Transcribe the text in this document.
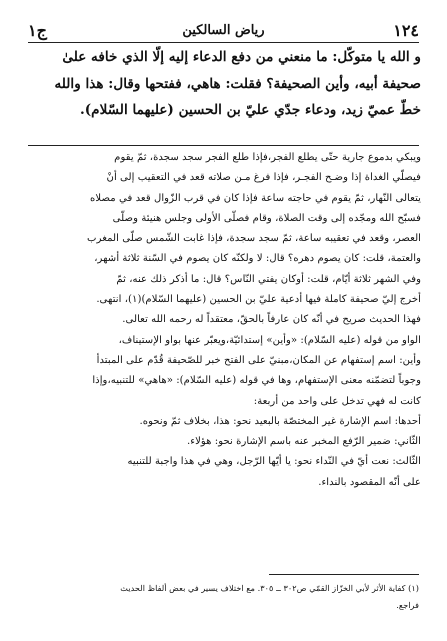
١٢٤
رياض السالكين
ج١

و الله يا متوكّل: ما منعني من دفع الدعاء إليه إلّا الذي خافه علىٰ

صحيفة أبيه، وأين الصحيفة؟ فقلت: هاهي، ففتحها وقال: هذا والله

خطّ عميّ زيد، ودعاء جدّي عليّ بن الحسين (عليهما السّلام).

ويبكي بدموع جارية حتّى يطلع الفجر،فإذا طلع الفجر سجد سجدة، ثمّ يقوم

فيصلّي الغداة إذا وضـح الفجـر، فإذا فرغ مـن صلاته قعد في التعقيب إلى أنْ

يتعالى النّهار، ثمّ يقوم في حاجته ساعة فإذا كان في قرب الزّوال قعد في مصلاه

فسبّح الله ومجّده إلى وقت الصلاة، وقام فصلّى الأولى وجلس هنيئة وصلّى

العصر، وقعد في تعقيبه ساعة، ثمّ سجد سجدة، فإذا غابت الشّمس صلّى المغرب

والعتمة، قلت: كان يصوم دهره؟ قال: لا ولكنّه كان يصوم في السّنة ثلاثة أشهر،

وفي الشهر ثلاثة أيّام، قلت: أوكان يفتي النّاس؟ قال: ما أذكر ذلك عنه، ثمّ

أخرج إليّ صحيفة كاملة فيها أدعية عليّ بن الحسين (عليهما السّلام)(١)، انتهى.

فهذا الحديث صريح في أنّه كان عارفاً بالحقّ، معتقداً له رحمه الله تعالى.

الواو من قوله (عليه السّلام): «وأين» إستدائيّة،ويعبّر عنها بواو الإستيناف،

وأين: اسم إستفهام عن المكان،مبنيّ على الفتح خبر للصّحيفة قُدّم على المبتدأ

وجوباً لتضمّنه معنى الإستفهام، وها في قوله (عليه السّلام): «هاهي» للتنبيه،وإذا

كانت له فهي تدخل على واحد من أربعة:

أحدها: اسم الإشارة غير المختصّة بالبعيد نحو: هذا، بخلاف ثمّ ونحوه.

الثّاني: ضمير الرّفع المخبر عنه باسم الإشارة نحو: هؤلاء.

الثّالث: نعت أيّ في النّداء نحو: يا أيّها الرّجل، وهي في هذا واجبة للتنبيه

على أنّه المقصود بالنداء.

(١) كفاية الأثر لأبي الخزّاز القمّي ص٣٠٢ ــ ٣٠٥. مع اختلاف يسير في بعض ألفاظ الحديث

فراجع.
